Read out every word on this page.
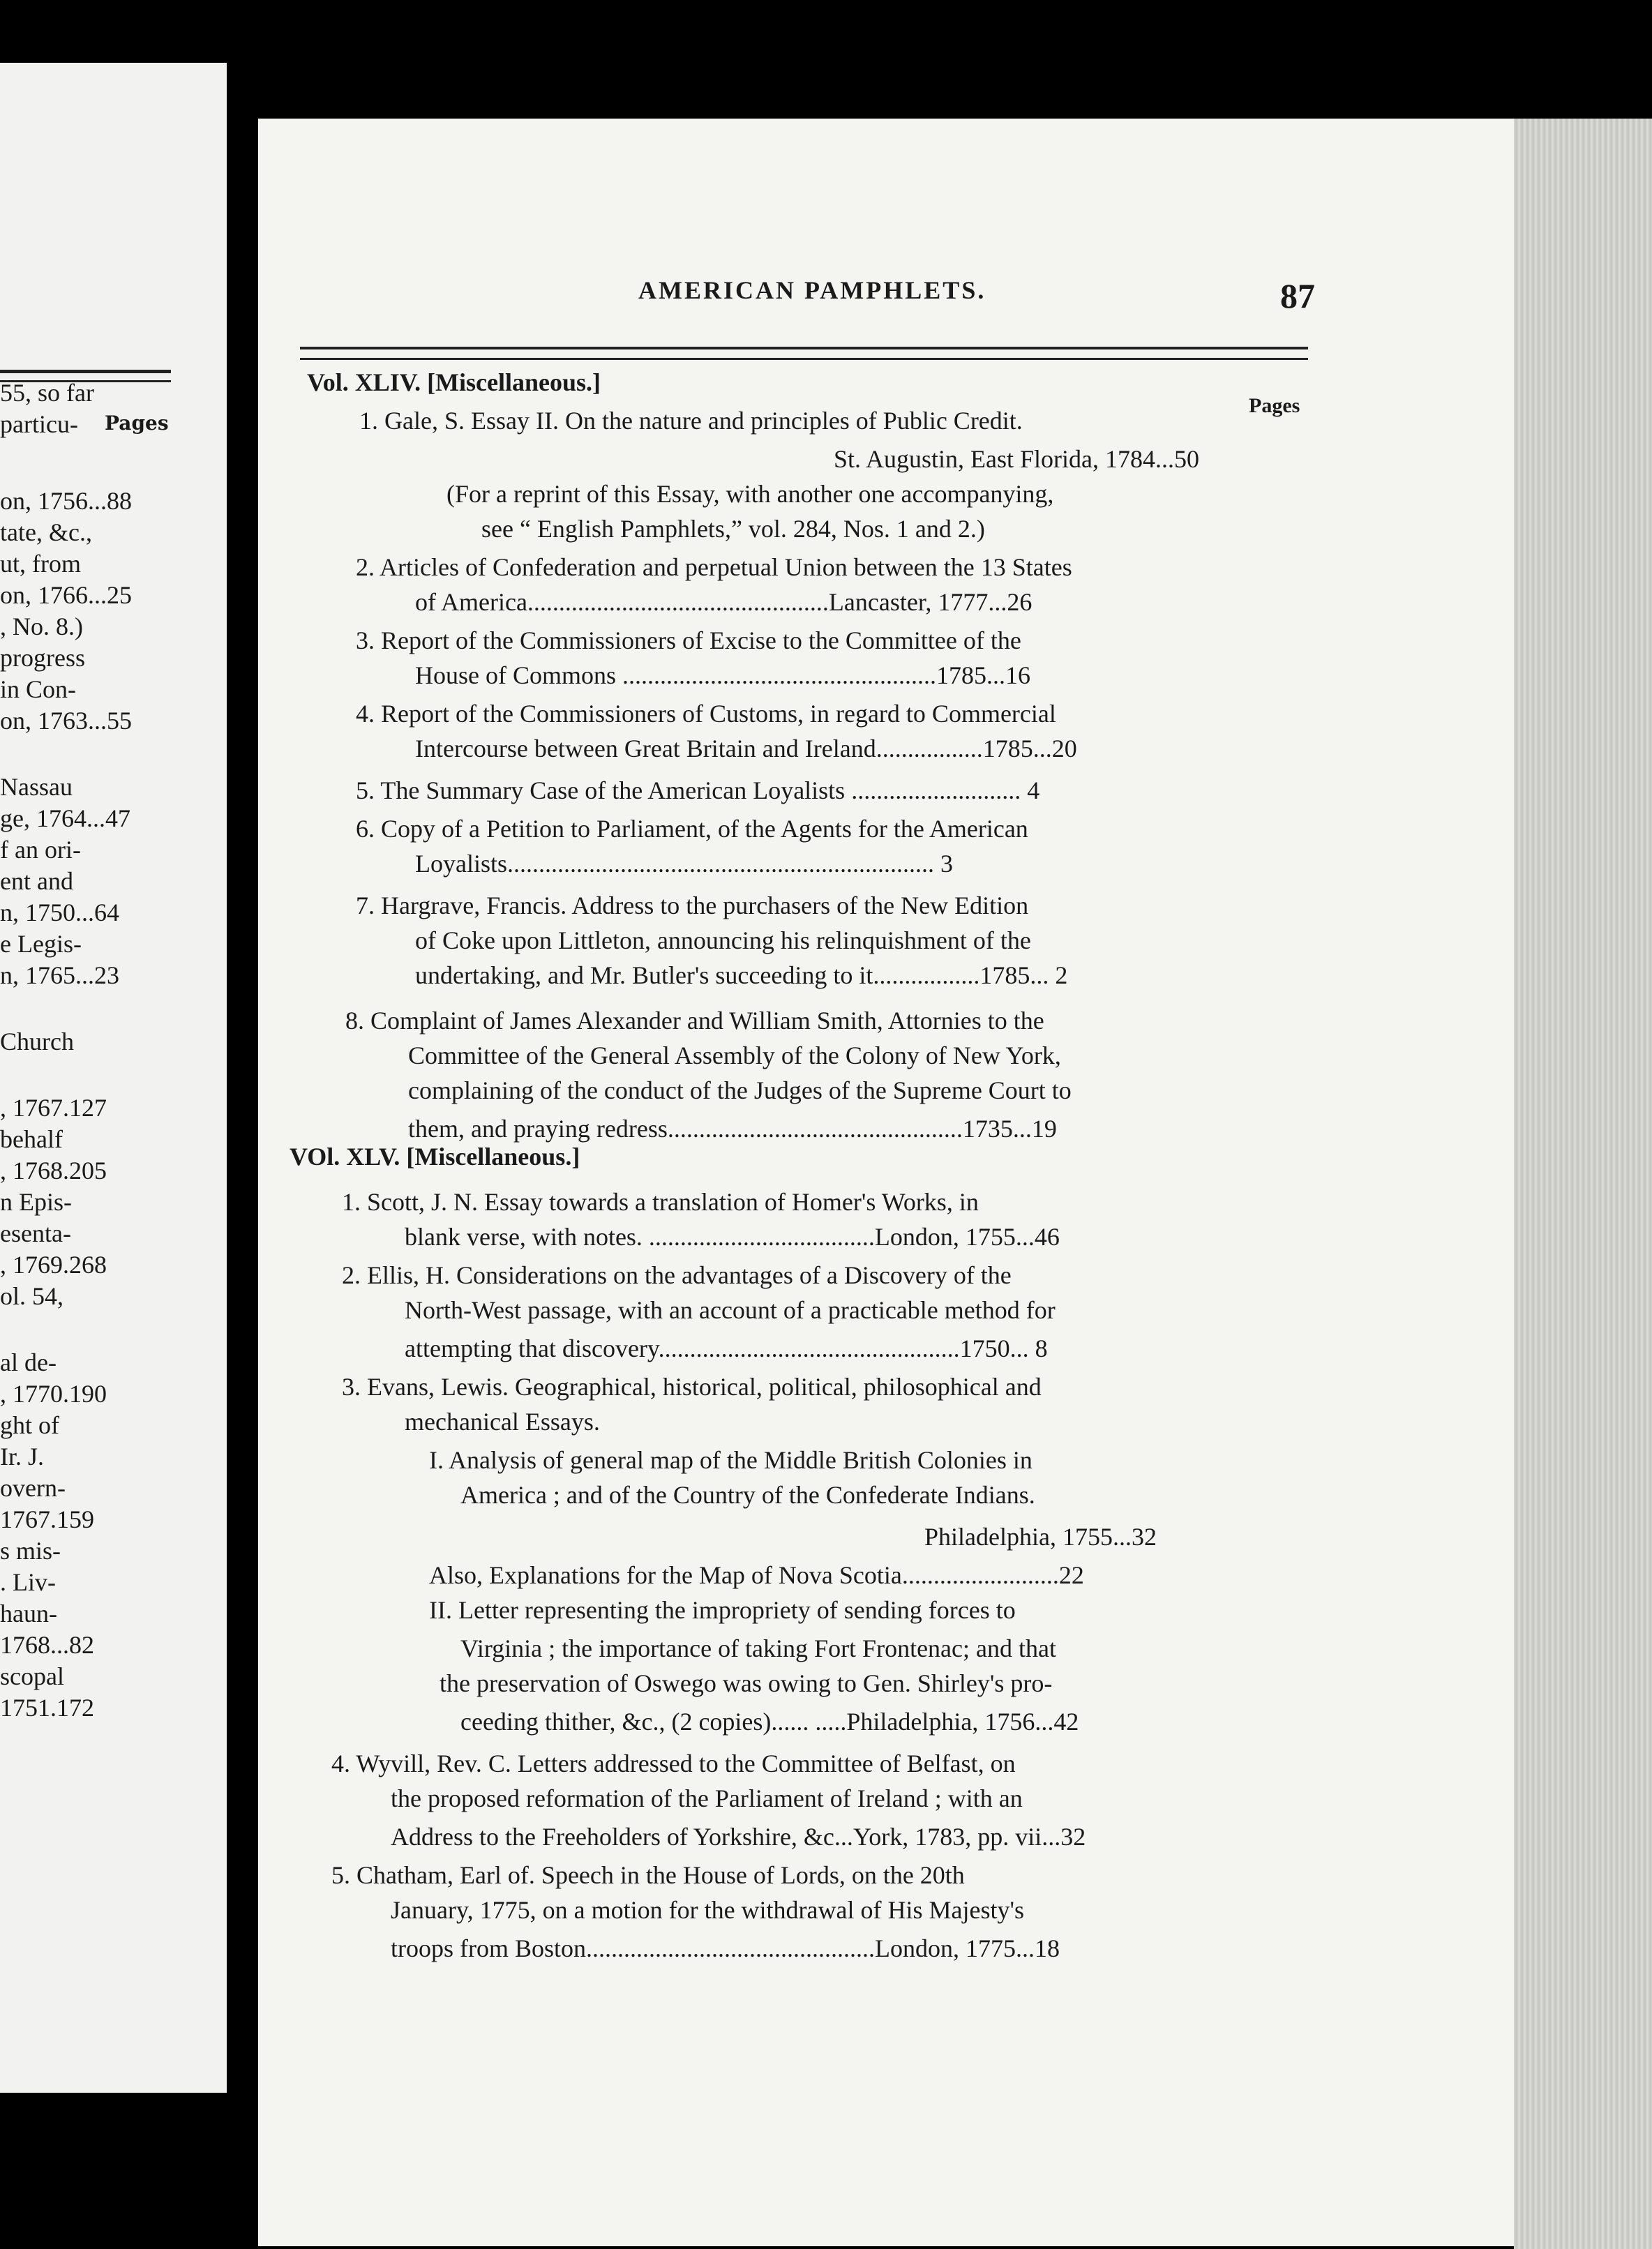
Pages
55, so far
particu-
on, 1756...88
tate, &c.,
ut, from
on, 1766...25
, No. 8.)
progress
in Con-
on, 1763...55
Nassau
ge, 1764...47
f an ori-
ent and
n, 1750...64
e Legis-
n, 1765...23
Church
, 1767.127
behalf
, 1768.205
n Epis-
esenta-
, 1769.268
ol. 54,
al de-
, 1770.190
ght of
Ir. J.
overn-
1767.159
s mis-
. Liv-
haun-
1768...82
scopal
1751.172
AMERICAN PAMPHLETS.	87
Pages
Vol. XLIV. [Miscellaneous.]
1. Gale, S. Essay II. On the nature and principles of Public Credit.
St. Augustin, East Florida, 1784...50
(For a reprint of this Essay, with another one accompanying,
see “ English Pamphlets,” vol. 284, Nos. 1 and 2.)
2. Articles of Confederation and perpetual Union between the 13 States
of America................................................Lancaster, 1777...26
3. Report of the Commissioners of Excise to the Committee of the
House of Commons ..................................................1785...16
4. Report of the Commissioners of Customs, in regard to Commercial
Intercourse between Great Britain and Ireland.................1785...20
5. The Summary Case of the American Loyalists ........................... 4
6. Copy of a Petition to Parliament, of the Agents for the American
Loyalists.................................................................... 3
7. Hargrave, Francis. Address to the purchasers of the New Edition
of Coke upon Littleton, announcing his relinquishment of the
undertaking, and Mr. Butler's succeeding to it.................1785... 2
8. Complaint of James Alexander and William Smith, Attornies to the
Committee of the General Assembly of the Colony of New York,
complaining of the conduct of the Judges of the Supreme Court to
them, and praying redress...............................................1735...19
VOl. XLV. [Miscellaneous.]
1. Scott, J. N. Essay towards a translation of Homer's Works, in
blank verse, with notes. ....................................London, 1755...46
2. Ellis, H. Considerations on the advantages of a Discovery of the
North-West passage, with an account of a practicable method for
attempting that discovery................................................1750... 8
3. Evans, Lewis. Geographical, historical, political, philosophical and
mechanical Essays.
I. Analysis of general map of the Middle British Colonies in
America ; and of the Country of the Confederate Indians.
Philadelphia, 1755...32
Also, Explanations for the Map of Nova Scotia.........................22
II. Letter representing the impropriety of sending forces to
Virginia ; the importance of taking Fort Frontenac; and that
the preservation of Oswego was owing to Gen. Shirley's pro-
ceeding thither, &c., (2 copies)...... .....Philadelphia, 1756...42
4. Wyvill, Rev. C. Letters addressed to the Committee of Belfast, on
the proposed reformation of the Parliament of Ireland ; with an
Address to the Freeholders of Yorkshire, &c...York, 1783, pp. vii...32
5. Chatham, Earl of. Speech in the House of Lords, on the 20th
January, 1775, on a motion for the withdrawal of His Majesty's
troops from Boston..............................................London, 1775...18
